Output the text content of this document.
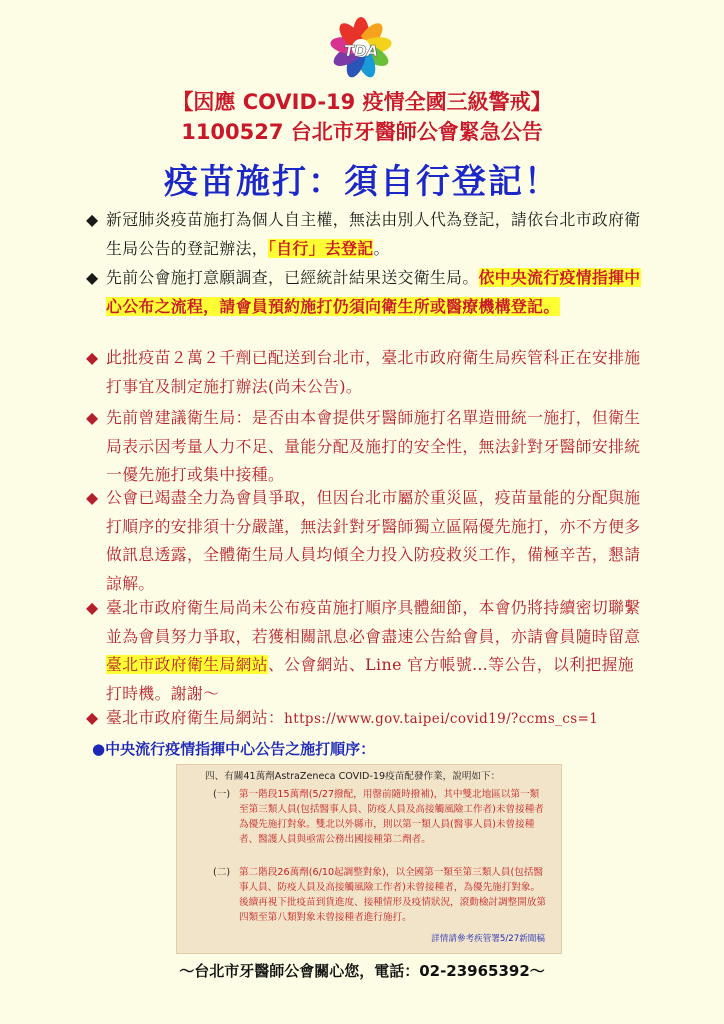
TDA
【因應 COVID-19 疫情全國三級警戒】
1100527 台北市牙醫師公會緊急公告
疫苗施打：須自行登記！
◆ 新冠肺炎疫苗施打為個人自主權，無法由別人代為登記，請依台北市政府衛生局公告的登記辦法，「自行」去登記。
◆ 先前公會施打意願調查，已經統計結果送交衛生局。依中央流行疫情指揮中心公布之流程，請會員預約施打仍須向衛生所或醫療機構登記。
◆ 此批疫苗２萬２千劑已配送到台北市，臺北市政府衛生局疾管科正在安排施打事宜及制定施打辦法(尚未公告)。
◆ 先前曾建議衛生局：是否由本會提供牙醫師施打名單造冊統一施打，但衛生局表示因考量人力不足、量能分配及施打的安全性，無法針對牙醫師安排統一優先施打或集中接種。
◆ 公會已竭盡全力為會員爭取，但因台北市屬於重災區，疫苗量能的分配與施打順序的安排須十分嚴謹，無法針對牙醫師獨立區隔優先施打，亦不方便多做訊息透露，全體衛生局人員均傾全力投入防疫救災工作，備極辛苦，懇請諒解。
◆ 臺北市政府衛生局尚未公布疫苗施打順序具體細節，本會仍將持續密切聯繫並為會員努力爭取，若獲相關訊息必會盡速公告給會員，亦請會員隨時留意臺北市政府衛生局網站、公會網站、Line 官方帳號…等公告，以利把握施打時機。謝謝～
◆ 臺北市政府衛生局網站：https://www.gov.taipei/covid19/?ccms_cs=1
●中央流行疫情指揮中心公告之施打順序：
四、有關41萬劑AstraZeneca COVID-19疫苗配發作業，說明如下：
(一) 第一階段15萬劑(5/27撥配，用罄前隨時撥補)，其中雙北地區以第一類至第三類人員(包括醫事人員、防疫人員及高接觸風險工作者)未曾接種者為優先施打對象。雙北以外縣市，則以第一類人員(醫事人員)未曾接種者、醫護人員與亟需公務出國接種第二劑者。
(二) 第二階段26萬劑(6/10起調整對象)，以全國第一類至第三類人員(包括醫事人員、防疫人員及高接觸風險工作者)未曾接種者，為優先施打對象。後續再視下批疫苗到貨進度、接種情形及疫情狀況，滾動檢討調整開放第四類至第八類對象未曾接種者進行施打。
詳情請參考疾管署5/27新聞稿
～台北市牙醫師公會關心您，電話：02-23965392～
